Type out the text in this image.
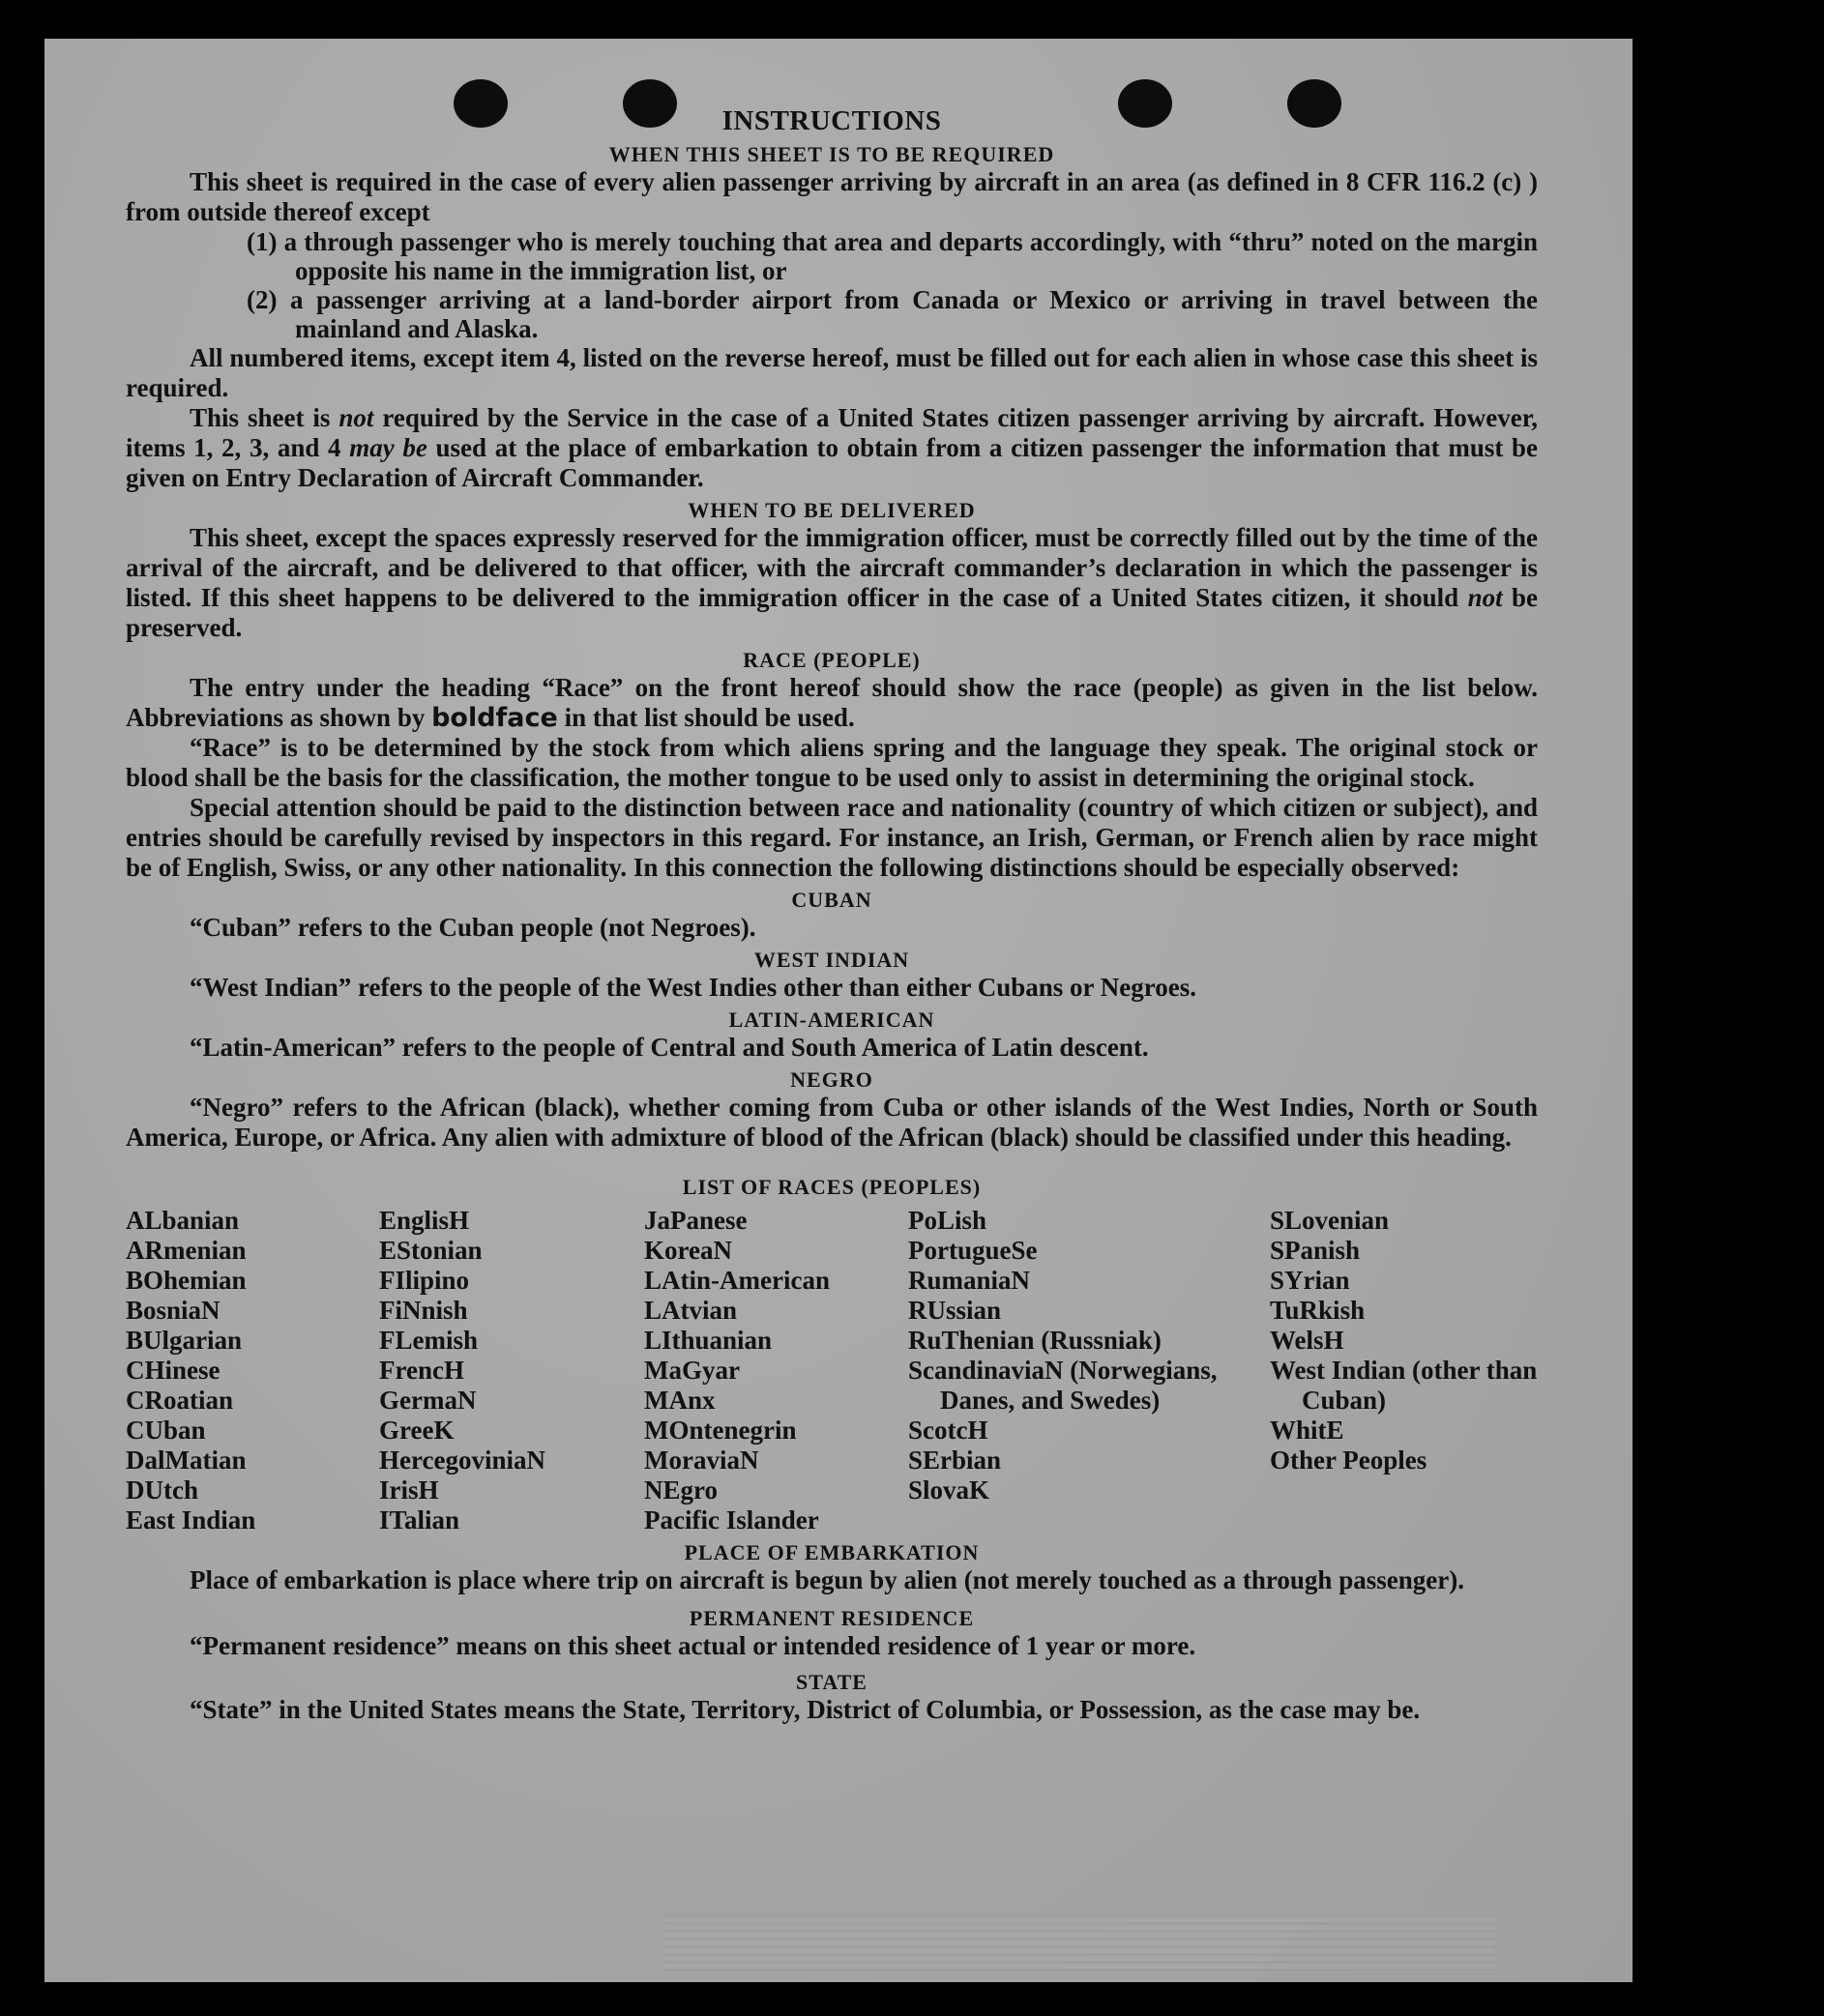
INSTRUCTIONS
WHEN THIS SHEET IS TO BE REQUIRED

This sheet is required in the case of every alien passenger arriving by aircraft in an area (as defined in 8 CFR 116.2 (c) ) from outside thereof except

(1) a through passenger who is merely touching that area and departs accordingly, with “thru” noted on the margin opposite his name in the immigration list, or
(2) a passenger arriving at a land-border airport from Canada or Mexico or arriving in travel between the mainland and Alaska.

All numbered items, except item 4, listed on the reverse hereof, must be filled out for each alien in whose case this sheet is required.

This sheet is not required by the Service in the case of a United States citizen passenger arriving by aircraft. However, items 1, 2, 3, and 4 may be used at the place of embarkation to obtain from a citizen passenger the information that must be given on Entry Declaration of Aircraft Commander.

WHEN TO BE DELIVERED

This sheet, except the spaces expressly reserved for the immigration officer, must be correctly filled out by the time of the arrival of the aircraft, and be delivered to that officer, with the aircraft commander’s declaration in which the passenger is listed. If this sheet happens to be delivered to the immigration officer in the case of a United States citizen, it should not be preserved.

RACE (PEOPLE)

The entry under the heading “Race” on the front hereof should show the race (people) as given in the list below. Abbreviations as shown by boldface in that list should be used.

“Race” is to be determined by the stock from which aliens spring and the language they speak. The original stock or blood shall be the basis for the classification, the mother tongue to be used only to assist in determining the original stock.

Special attention should be paid to the distinction between race and nationality (country of which citizen or subject), and entries should be carefully revised by inspectors in this regard. For instance, an Irish, German, or French alien by race might be of English, Swiss, or any other nationality. In this connection the following distinctions should be especially observed:

CUBAN
“Cuban” refers to the Cuban people (not Negroes).
WEST INDIAN
“West Indian” refers to the people of the West Indies other than either Cubans or Negroes.
LATIN-AMERICAN
“Latin-American” refers to the people of Central and South America of Latin descent.
NEGRO

“Negro” refers to the African (black), whether coming from Cuba or other islands of the West Indies, North or South America, Europe, or Africa. Any alien with admixture of blood of the African (black) should be classified under this heading.

LIST OF RACES (PEOPLES)
ALbanian
ARmenian
BOhemian
BosniaN
BUlgarian
CHinese
CRoatian
CUban
DalMatian
DUtch
East Indian
EnglisH
EStonian
FIlipino
FiNnish
FLemish
FrencH
GermaN
GreeK
HercegoviniaN
IrisH
ITalian
JaPanese
KoreaN
LAtin-American
LAtvian
LIthuanian
MaGyar
MAnx
MOntenegrin
MoraviaN
NEgro
Pacific Islander
PoLish
PortugueSe
RumaniaN
RUssian
RuThenian (Russniak)
ScandinaviaN (Norwegians, Danes, and Swedes)
ScotcH
SErbian
SlovaK
SLovenian
SPanish
SYrian
TuRkish
WelsH
West Indian (other than Cuban)
WhitE
Other Peoples
PLACE OF EMBARKATION

Place of embarkation is place where trip on aircraft is begun by alien (not merely touched as a through passenger).

PERMANENT RESIDENCE
“Permanent residence” means on this sheet actual or intended residence of 1 year or more.
STATE

“State” in the United States means the State, Territory, District of Columbia, or Possession, as the case may be.
